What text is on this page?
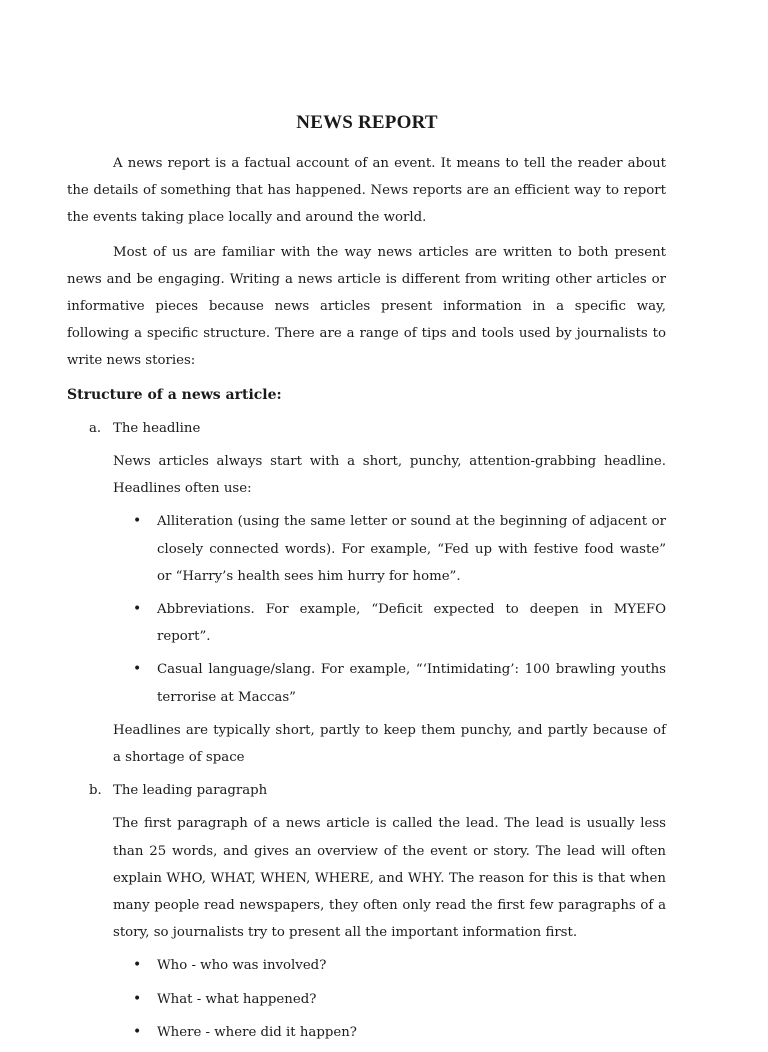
NEWS REPORT

A news report is a factual account of an event. It means to tell the reader about the details of something that has happened. News reports are an efficient way to report the events taking place locally and around the world.

Most of us are familiar with the way news articles are written to both present news and be engaging. Writing a news article is different from writing other articles or informative pieces because news articles present information in a specific way, following a specific structure. There are a range of tips and tools used by journalists to write news stories:

Structure of a news article:

a. The headline

News articles always start with a short, punchy, attention-grabbing headline. Headlines often use:

• Alliteration (using the same letter or sound at the beginning of adjacent or closely connected words). For example, “Fed up with festive food waste” or “Harry’s health sees him hurry for home”.
• Abbreviations. For example, “Deficit expected to deepen in MYEFO report”.
• Casual language/slang. For example, “‘Intimidating’: 100 brawling youths terrorise at Maccas”

Headlines are typically short, partly to keep them punchy, and partly because of a shortage of space

b. The leading paragraph

The first paragraph of a news article is called the lead. The lead is usually less than 25 words, and gives an overview of the event or story. The lead will often explain WHO, WHAT, WHEN, WHERE, and WHY. The reason for this is that when many people read newspapers, they often only read the first few paragraphs of a story, so journalists try to present all the important information first.

• Who - who was involved?
• What - what happened?
• Where - where did it happen?
